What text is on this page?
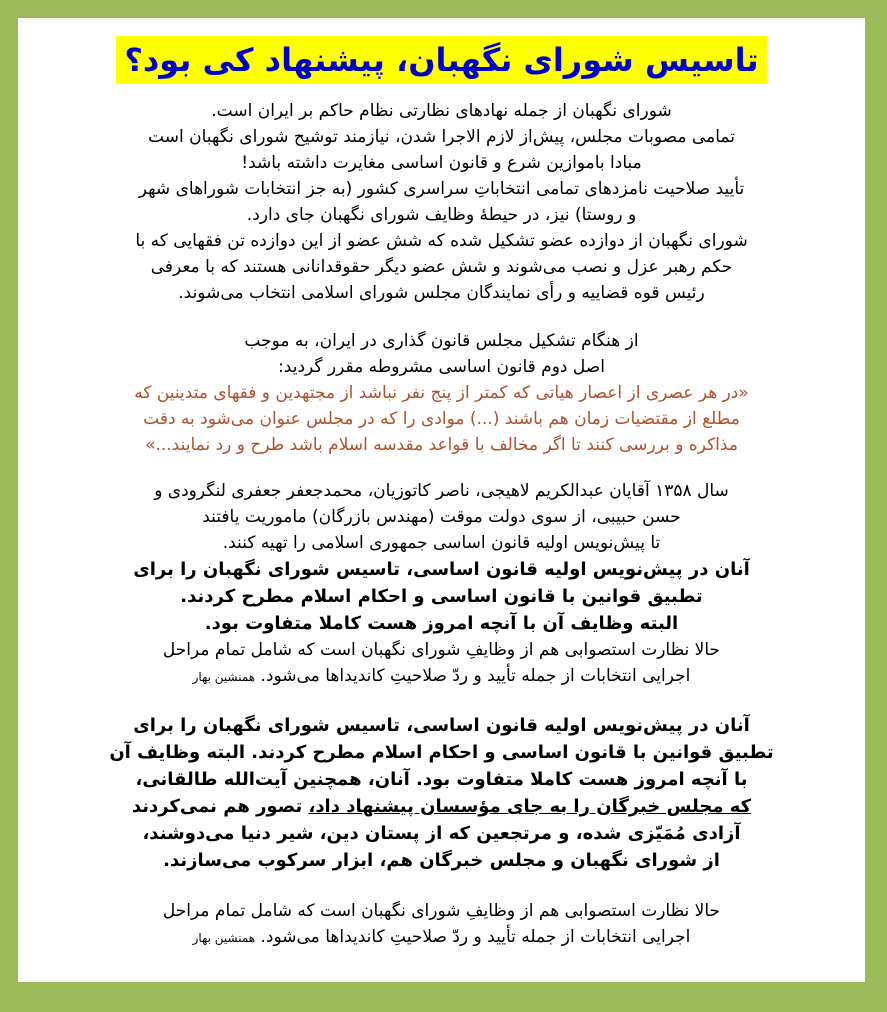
تاسیس شورای نگهبان، پیشنهاد کی بود؟

شورای نگهبان از جمله نهادهای نظارتی نظام حاکم بر ایران است.

تمامی مصوبات مجلس، پیش‌از لازم الاجرا شدن، نیازمند توشیح شورای نگهبان است

مبادا باموازین شرع و قانون اساسی مغایرت داشته باشد!

تأیید صلاحیت نامزدهای تمامی انتخاباتِ سراسری کشور (به جز انتخابات شوراهای شهر

و روستا) نیز، در حیطهٔ وظایف شورای نگهبان جای دارد.

شورای نگهبان از دوازده عضو تشکیل شده که شش عضو از این دوازده تن فقهایی که با

حکم رهبر عزل و نصب می‌شوند و شش عضو دیگر حقوقدانانی هستند که با معرفی

رئیس قوه قضاییه و رأی نمایندگان مجلس شورای اسلامی انتخاب می‌شوند.

از هنگام تشکیل مجلس قانون گذاری در ایران، به موجب

اصل دوم قانون اساسی مشروطه مقرر گردید:

«در هر عصری از اعصار هیاتی که کمتر از پنج نفر نباشد از مجتهدین و فقهای متدینین که

مطلع از مقتضیات زمان هم باشند (...) موادی را که در مجلس عنوان می‌شود به دقت

مذاکره و بررسی کنند تا اگر مخالف با قواعد مقدسه اسلام باشد طرح و رد نمایند...»

سال ۱۳۵۸ آقایان عبدالکریم لاهیجی، ناصر کاتوزیان، محمدجعفر جعفری لنگرودی و

حسن حبیبی، از سوی دولت موقت (مهندس بازرگان) ماموریت یافتند

تا پیش‌نویس اولیه قانون اساسی جمهوری اسلامی را تهیه کنند.

آنان در پیش‌نویس اولیه قانون اساسی، تاسیس شورای نگهبان را برای

تطبیق قوانین با قانون اساسی و احکام اسلام مطرح کردند.

البته وظایف آن با آنچه امروز هست کاملا متفاوت بود.

حالا نظارت استصوابی هم از وظایفِ شورای نگهبان است که شامل تمام مراحل

اجرایی انتخابات از جمله تأیید و ردّ صلاحیتِ کاندیداها می‌شود. همنشین بهار

آنان در پیش‌نویس اولیه قانون اساسی، تاسیس شورای نگهبان را برای

تطبیق قوانین با قانون اساسی و احکام اسلام مطرح کردند. البته وظایف آن

با آنچه امروز هست کاملا متفاوت بود. آنان، همچنین آیت‌الله طالقانی،

که مجلس خبرگان را به جای مؤسسان پیشنهاد داد، تصور هم نمی‌کردند

آزادی مُمَیّزی شده، و مرتجعین که از پستان دین، شیر دنیا می‌دوشند،

از شورای نگهبان و مجلس خبرگان هم، ابزار سرکوب می‌سازند.

حالا نظارت استصوابی هم از وظایفِ شورای نگهبان است که شامل تمام مراحل

اجرایی انتخابات از جمله تأیید و ردّ صلاحیتِ کاندیداها می‌شود. همنشین بهار
